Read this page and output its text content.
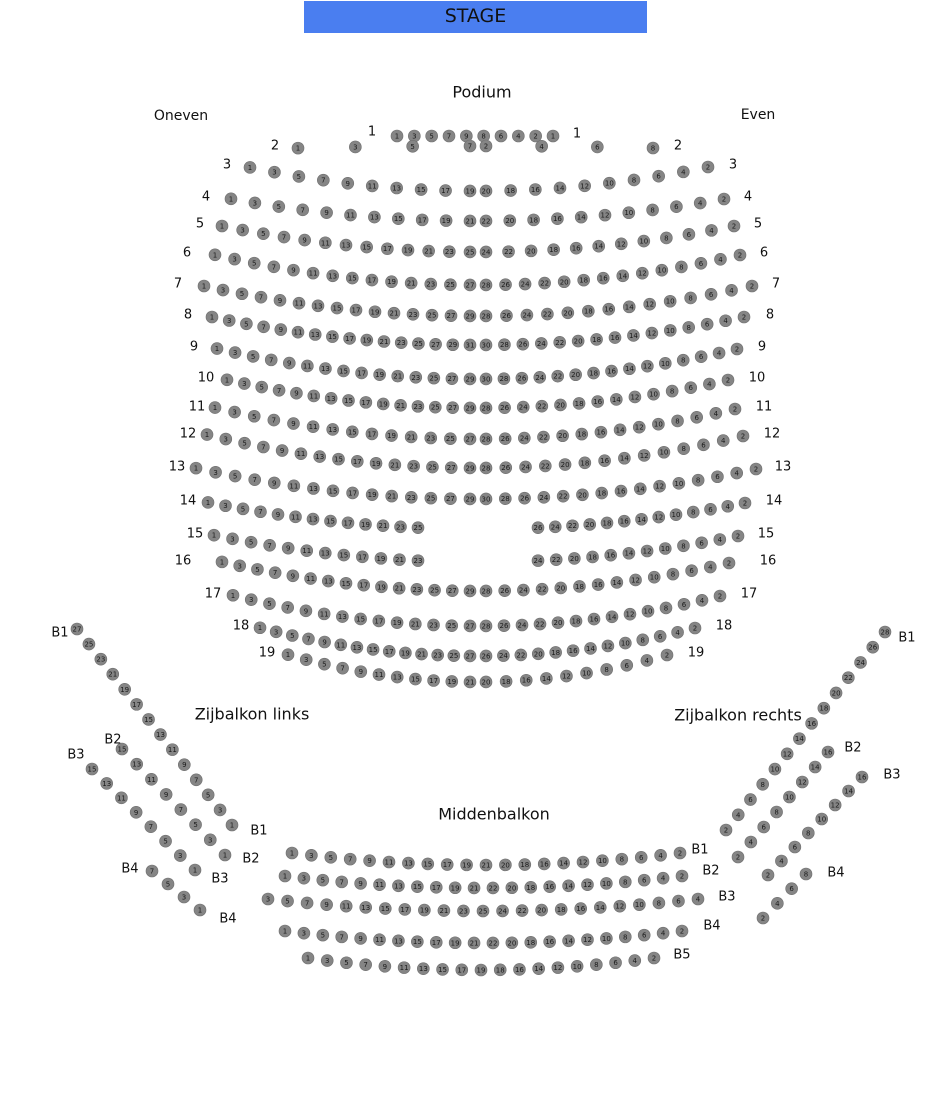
STAGE
Podium
Oneven	Even
Zijbalkon links	Zijbalkon rechts
Middenbalkon
1 3 5 7 9 8 6 4 2 1
1	1
1	3	5	7 2	4	6	8
2	2
1
3
5	7	9	11 13 15 17 19 20 18 16 14 12 10	8	6
4
2
3	3
1
3	5	7	9 11 13 15 17 19 21 22 20 18 16 14 12 10 8	6	4
2
4	4
1
3 5 7 9 11 13 15 17 19 21 23 25 24 22 20 18 16 14 12 10 8	6	4
2
5	5
1
3
5 7 9 11 13 15 17 19 21 23 25 27 28 26 24 22 20 18 16 14 12 10 8 6 4
2
6	6
1
3 5 7 9 11 13 15 17 19 21 23 25 27 29 28 26 24 22 20 18 16 14 12 10 8 6 4
2
7	7
1 3 5 7 9 11 13 15 17 19 21 23 25 27 29 31 30 28 26 24 22 20 18 16 14 12 10 8 6 4 2
8	8
1
3 5 7 9 11 13 15 17 19 21 23 25 27 29 30 28 26 24 22 20 18 16 14 12 10 8 6 4
2
9	9
1 3 5 7 9 11 13 15 17 19 21 23 25 27 29 28 26 24 22 20 18 16 14 12 10 8 6 4
2
10	10
1
3
5 7 9 11 13 15 17 19 21 23 25 27 28 26 24 22 20 18 16 14 12 10 8 6 4
2
11	11
1
3
5 7 9 11 13 15 17 19 21 23 25 27 29 28 26 24 22 20 18 16 14 12 10 8 6
4
2
12	12
1
3 5 7 9 11 13 15 17 19 21 23 25 27 29 30 28 26 24 22 20 18 16 14 12 10 8 6 4
2
13	13
1 3 5 7 9 11 13 15 17 19 21 23 25	26 24 22 20 18 16 14 12 10 8 6 4 2
14	14
1 3 5 7 9 11 13 15 17 19 21 23	24 22 20 18 16 14 12 10 8 6 4 2
15	15
1 3 5 7 9 11 13 15 17 19 21 23 25 27 29 28 26 24 22 20 18 16 14 12 10 8 6 4
2
16	16
1
3
5 7 9 11 13 15 17 19 21 23 25 27 28 26 24 22 20 18 16 14 12 10 8 6 4
2
17	17
1
3 5 7 9 11 13 15 17 19 21 23 25 27 26 24 22 20 18 16 14 12 10 8 6 4
2
18	18
1
3
5 7 9 11 13 15 17 19 21 20 18 16 14 12 10 8
6
4
2
19	19
27
25
23
21
19
17
15
13
11
9
7
5
3
1
B1
15
13
11
9
7
5
3
1
B2
15
13
11
9
7
5
3
1
B3
7
5
3
1
B4
B1
B2
B3
B4
28
26
24
22
20
18
16
14
12
10
8
6
4
2
B1
16
14
12
10
8
6
4
2
B2
16
14
12
10
8
6
4
2
B3
8
6
4
2
B4
1 3 5 7 9 11 13 15 17 19 21 20 18 16 14 12 10 8 6 4 2 B1
1 3 5 7 9 11 13 15 17 19 21 22 20 18 16 14 12 10 8 6 4 2 B2
3 5 7 9 11 13 15 17 19 21 23 25 24 22 20 18 16 14 12 10 8 6 4 B3
1 3 5 7 9 11 13 15 17 19 21 22 20 18 16 14 12 10 8 6 4 2 B4
1 3 5 7 9 11 13 15 17 19 18 16 14 12 10 8 6 4 2 B5
